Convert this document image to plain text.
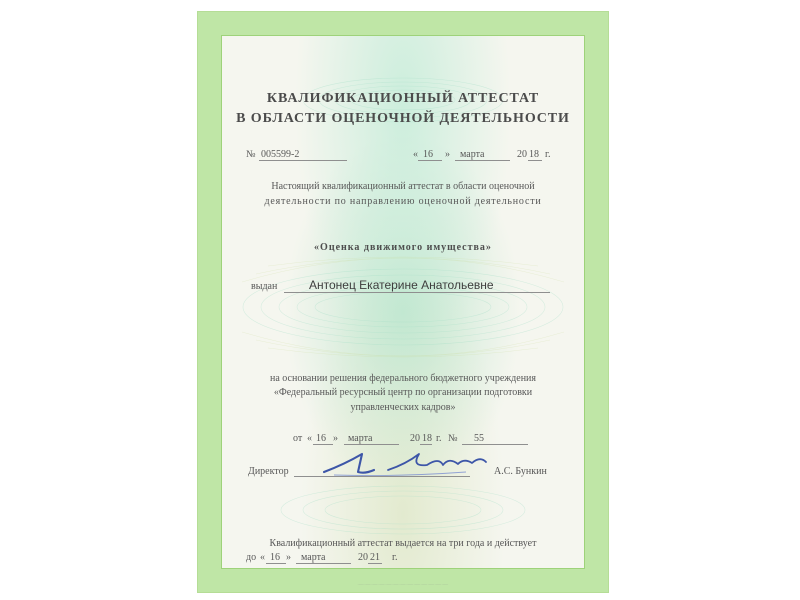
КВАЛИФИКАЦИОННЫЙ АТТЕСТАТ
В ОБЛАСТИ ОЦЕНОЧНОЙ ДЕЯТЕЛЬНОСТИ
№ 005599-2	« 16 » марта	20 18 г.
Настоящий квалификационный аттестат в области оценочной
деятельности по направлению оценочной деятельности
«Оценка движимого имущества»
выдан	Антонец Екатерине Анатольевне
на основании решения федерального бюджетного учреждения
«Федеральный ресурсный центр по организации подготовки
управленческих кадров»
от « 16 » марта	20 18 г. № 55
Директор	А.С. Бункин
Квалификационный аттестат выдается на три года и действует
до « 16 » марта	20 21 г.
··············································································
